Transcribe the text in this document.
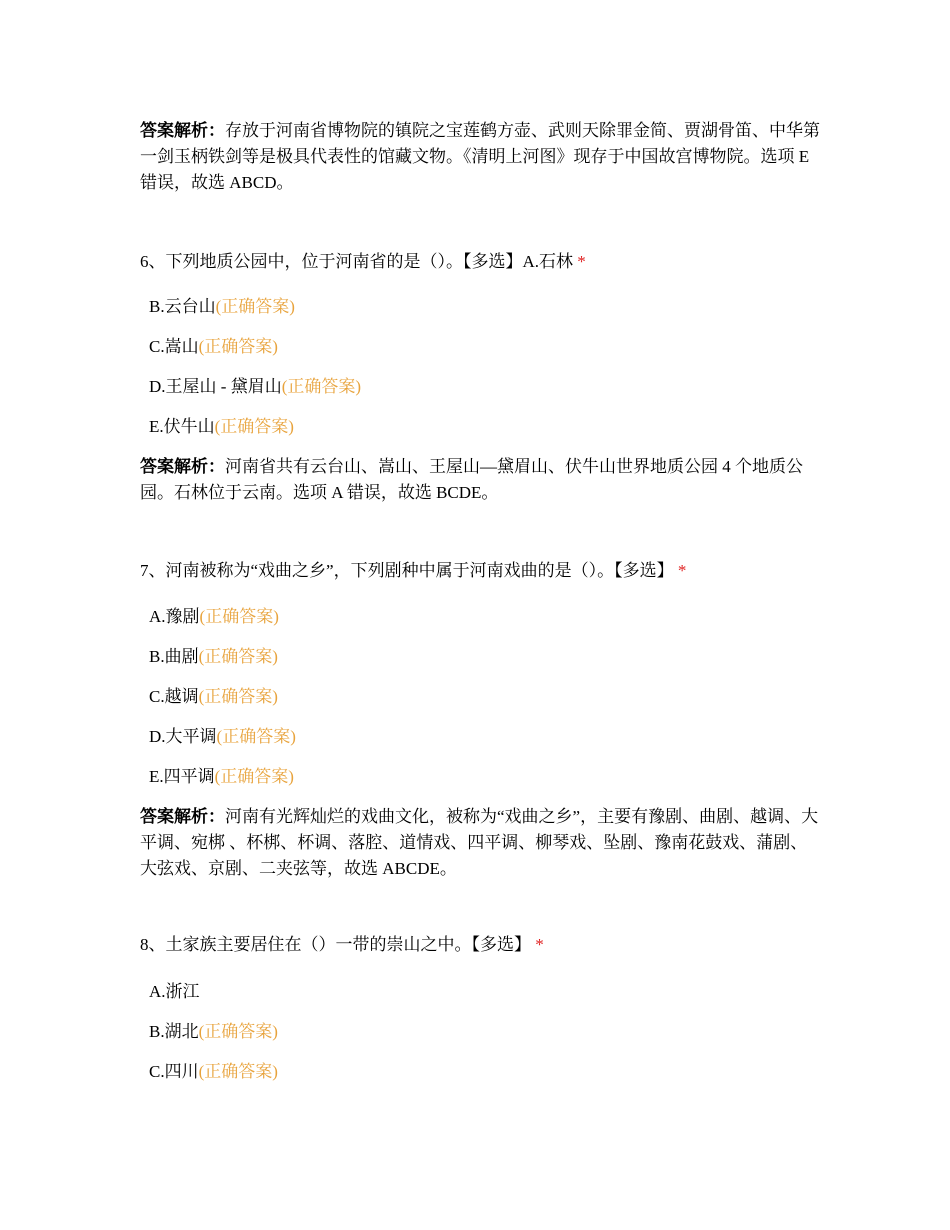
答案解析：存放于河南省博物院的镇院之宝莲鹤方壶、武则天除罪金简、贾湖骨笛、中华第一剑玉柄铁剑等是极具代表性的馆藏文物。《清明上河图》现存于中国故宫博物院。选项 E 错误，故选 ABCD。

6、下列地质公园中，位于河南省的是（）。【多选】A.石林 *

B.云台山(正确答案)

C.嵩山(正确答案)

D.王屋山 - 黛眉山(正确答案)

E.伏牛山(正确答案)

答案解析：河南省共有云台山、嵩山、王屋山—黛眉山、伏牛山世界地质公园 4 个地质公园。石林位于云南。选项 A 错误，故选 BCDE。

7、河南被称为“戏曲之乡”，下列剧种中属于河南戏曲的是（）。【多选】 *

A.豫剧(正确答案)

B.曲剧(正确答案)

C.越调(正确答案)

D.大平调(正确答案)

E.四平调(正确答案)

答案解析：河南有光辉灿烂的戏曲文化，被称为“戏曲之乡”，主要有豫剧、曲剧、越调、大平调、宛梆 、杯梆、杯调、落腔、道情戏、四平调、柳琴戏、坠剧、豫南花鼓戏、蒲剧、大弦戏、京剧、二夹弦等，故选 ABCDE。

8、土家族主要居住在（）一带的崇山之中。【多选】 *

A.浙江

B.湖北(正确答案)

C.四川(正确答案)
